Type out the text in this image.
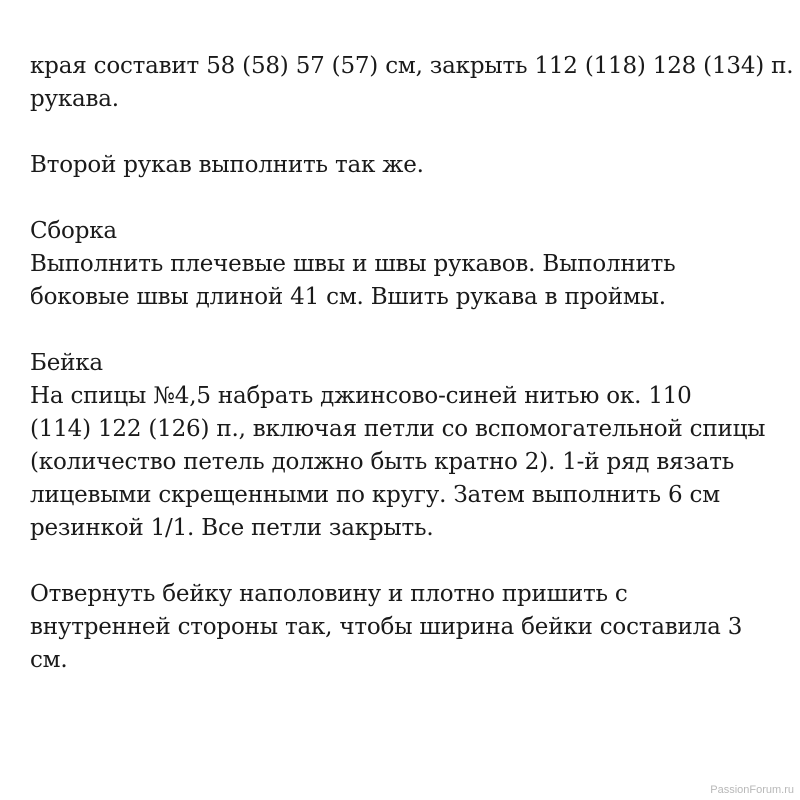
края составит 58 (58) 57 (57) см, закрыть 112 (118) 128 (134) п.
рукава.
Второй рукав выполнить так же.
Сборка
Выполнить плечевые швы и швы рукавов. Выполнить
боковые швы длиной 41 см. Вшить рукава в проймы.
Бейка
На спицы №4,5 набрать джинсово-синей нитью ок. 110
(114) 122 (126) п., включая петли со вспомогательной спицы
(количество петель должно быть кратно 2). 1-й ряд вязать
лицевыми скрещенными по кругу. Затем выполнить 6 см
резинкой 1/1. Все петли закрыть.
Отвернуть бейку наполовину и плотно пришить с
внутренней стороны так, чтобы ширина бейки составила 3
см.
PassionForum.ru
